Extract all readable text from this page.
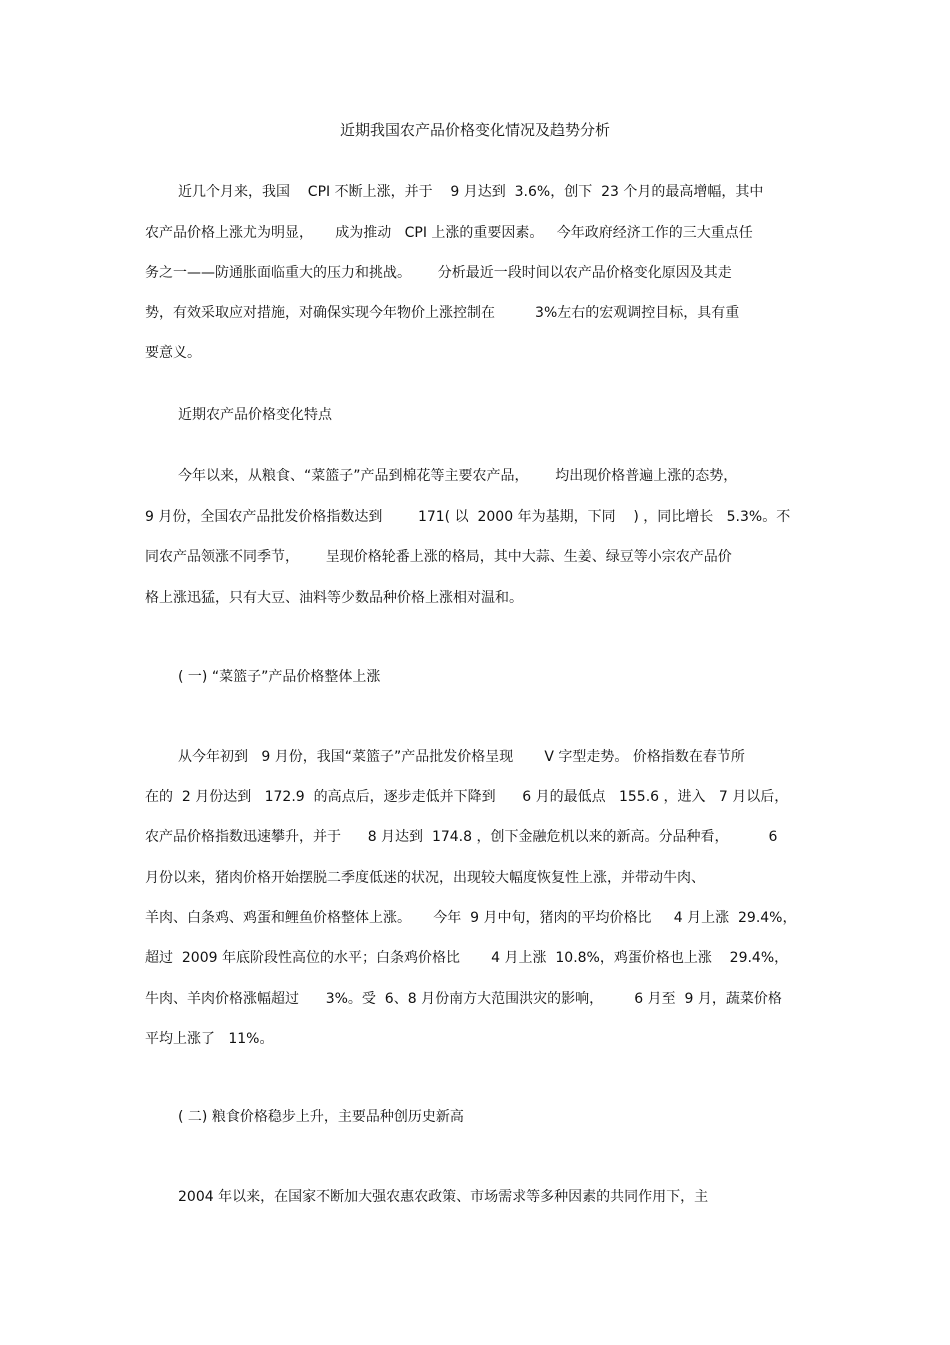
近期我国农产品价格变化情况及趋势分析
近几个月来，我国    CPI 不断上涨，并于    9 月达到  3.6%，创下  23 个月的最高增幅，其中
农产品价格上涨尤为明显，     成为推动   CPI 上涨的重要因素。   今年政府经济工作的三大重点任
务之一——防通胀面临重大的压力和挑战。      分析最近一段时间以农产品价格变化原因及其走
势，有效采取应对措施，对确保实现今年物价上涨控制在         3%左右的宏观调控目标，具有重
要意义。
近期农产品价格变化特点
今年以来，从粮食、“菜篮子”产品到棉花等主要农产品，      均出现价格普遍上涨的态势，
9 月份，全国农产品批发价格指数达到        171( 以  2000 年为基期，下同    ) ，同比增长   5.3%。不
同农产品领涨不同季节，      呈现价格轮番上涨的格局，其中大蒜、生姜、绿豆等小宗农产品价
格上涨迅猛，只有大豆、油料等少数品种价格上涨相对温和。
( 一) “菜篮子”产品价格整体上涨
从今年初到   9 月份，我国“菜篮子”产品批发价格呈现       V 字型走势。 价格指数在春节所
在的  2 月份达到   172.9  的高点后，逐步走低并下降到      6 月的最低点   155.6 ，进入   7 月以后，
农产品价格指数迅速攀升，并于      8 月达到  174.8 ，创下金融危机以来的新高。分品种看，         6
月份以来，猪肉价格开始摆脱二季度低迷的状况，出现较大幅度恢复性上涨，并带动牛肉、
羊肉、白条鸡、鸡蛋和鲤鱼价格整体上涨。     今年  9 月中旬，猪肉的平均价格比     4 月上涨  29.4%，
超过  2009 年底阶段性高位的水平；白条鸡价格比       4 月上涨  10.8%，鸡蛋价格也上涨    29.4%，
牛肉、羊肉价格涨幅超过      3%。受  6、8 月份南方大范围洪灾的影响，       6 月至  9 月，蔬菜价格
平均上涨了   11%。
( 二) 粮食价格稳步上升，主要品种创历史新高
2004 年以来，在国家不断加大强农惠农政策、市场需求等多种因素的共同作用下，主
